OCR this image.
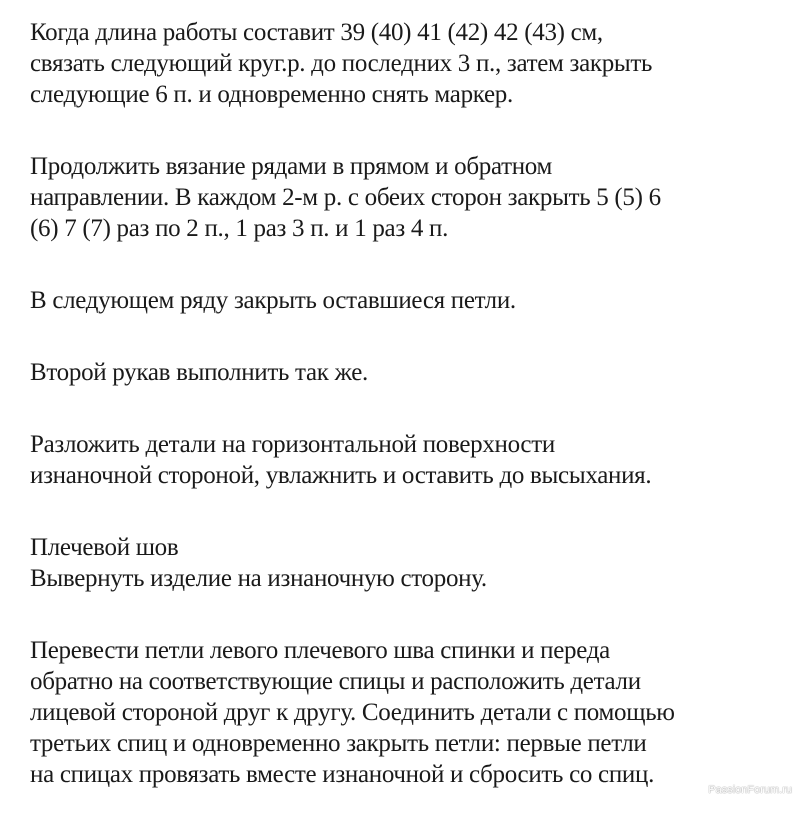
Когда длина работы составит 39 (40) 41 (42) 42 (43) см,
связать следующий круг.р. до последних 3 п., затем закрыть
следующие 6 п. и одновременно снять маркер.

Продолжить вязание рядами в прямом и обратном
направлении. В каждом 2-м р. с обеих сторон закрыть 5 (5) 6
(6) 7 (7) раз по 2 п., 1 раз 3 п. и 1 раз 4 п.

В следующем ряду закрыть оставшиеся петли.

Второй рукав выполнить так же.

Разложить детали на горизонтальной поверхности
изнаночной стороной, увлажнить и оставить до высыхания.

Плечевой шов
Вывернуть изделие на изнаночную сторону.

Перевести петли левого плечевого шва спинки и переда
обратно на соответствующие спицы и расположить детали
лицевой стороной друг к другу. Соединить детали с помощью
третьих спиц и одновременно закрыть петли: первые петли
на спицах провязать вместе изнаночной и сбросить со спиц.

PassionForum.ru
